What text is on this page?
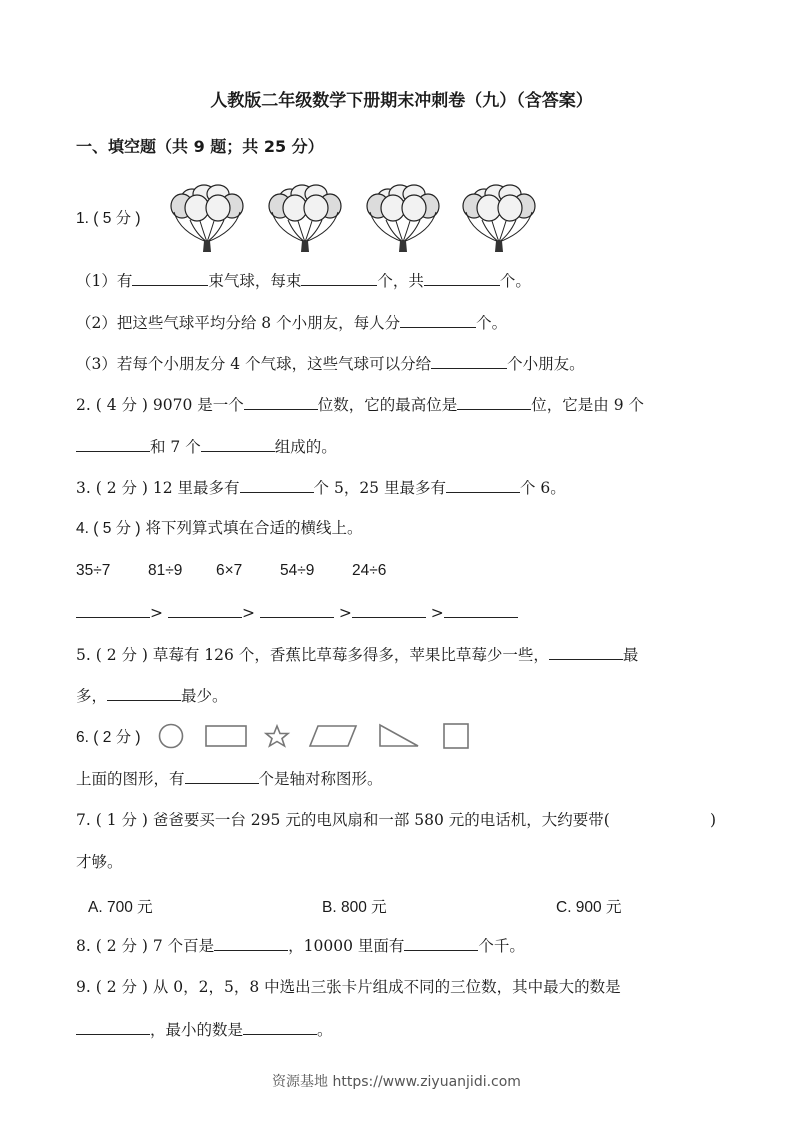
人教版二年级数学下册期末冲刺卷（九）（含答案）
一、填空题（共 9 题；共 25 分）
1. ( 5 分 )
（1）有	束气球，每束	个，共	个。
（2）把这些气球平均分给 8 个小朋友，每人分	个。
（3）若每个小朋友分 4 个气球，这些气球可以分给	个小朋友。
2. ( 4 分 ) 9070 是一个	位数，它的最高位是	位，它是由 9 个
和 7 个	组成的。
3. ( 2 分 ) 12 里最多有	个 5，25 里最多有	个 6。
4. ( 5 分 ) 将下列算式填在合适的横线上。
35÷7 81÷9 6×7 54÷9 24÷6
>	>	>	>
5. ( 2 分 ) 草莓有 126 个，香蕉比草莓多得多，苹果比草莓少一些，	最
多，	最少。
6. ( 2 分 )
上面的图形，有	个是轴对称图形。
7. ( 1 分 ) 爸爸要买一台 295 元的电风扇和一部 580 元的电话机，大约要带(	)
才够。
A. 700 元	B. 800 元	C. 900 元
8. ( 2 分 ) 7 个百是	，10000 里面有	个千。
9. ( 2 分 ) 从 0，2，5，8 中选出三张卡片组成不同的三位数，其中最大的数是
，最小的数是	。
资源基地 https://www.ziyuanjidi.com
